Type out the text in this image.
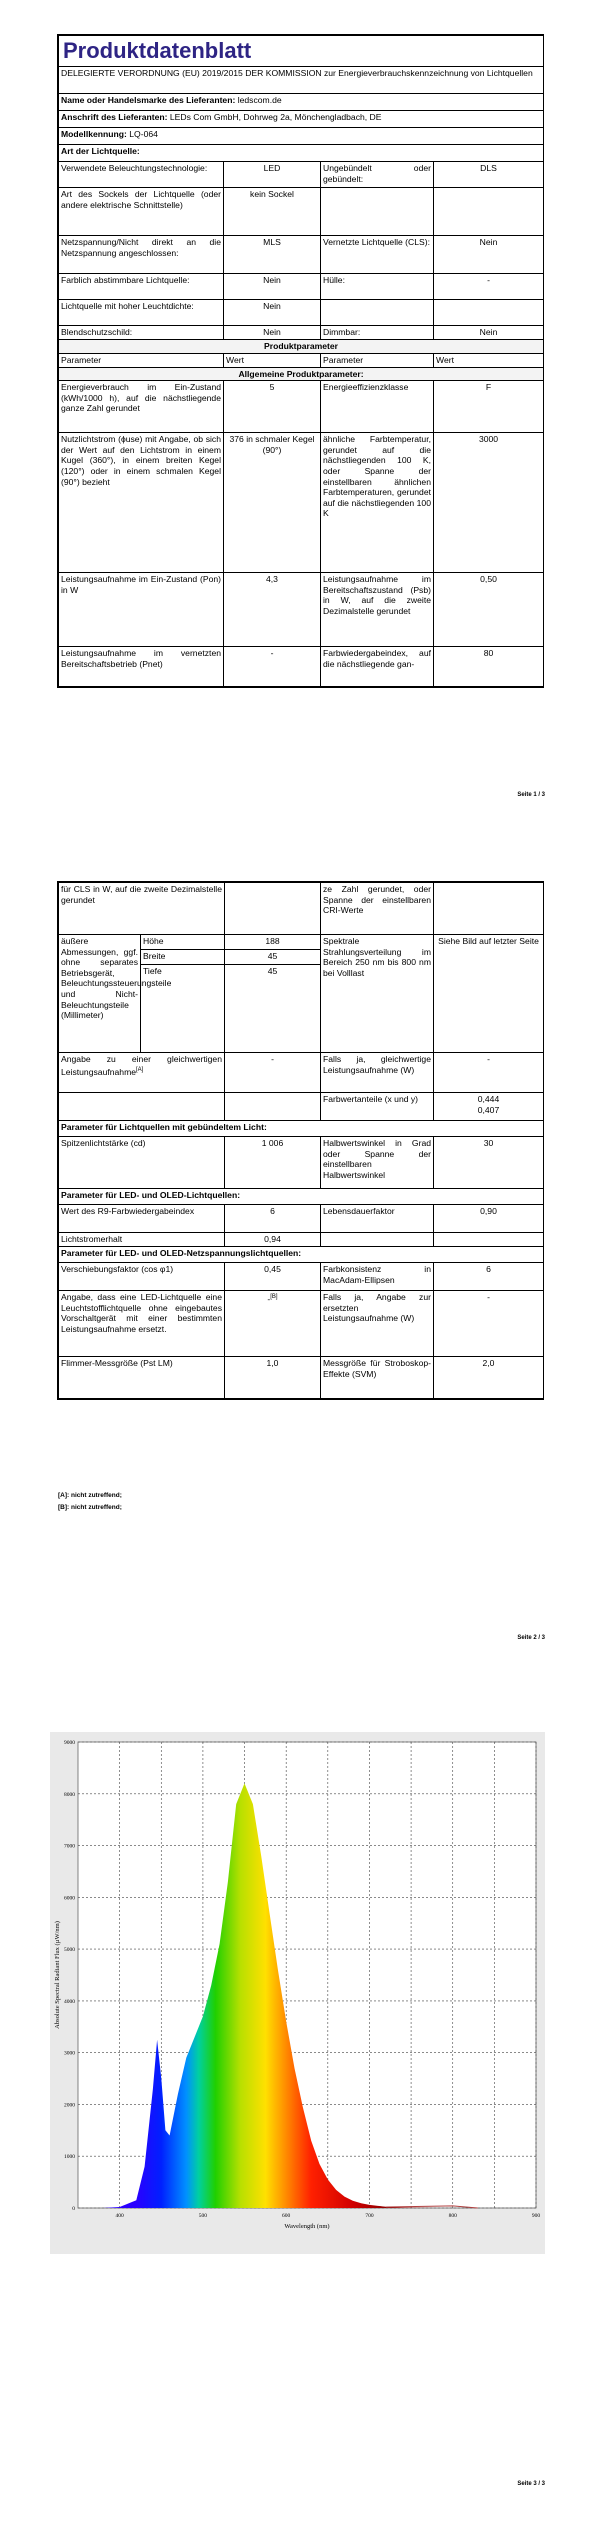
Produktdatenblatt			
DELEGIERTE VERORDNUNG (EU) 2019/2015 DER KOMMISSION zur Energieverbrauchskennzeichnung von Lichtquellen			
Name oder Handelsmarke des Lieferanten: ledscom.de			
Anschrift des Lieferanten: LEDs Com GmbH, Dohrweg 2a, Mönchengladbach, DE			
Modellkennung: LQ-064			
Art der Lichtquelle:			
Verwendete Beleuchtungstechnologie:	LED	Ungebündelt oder gebündelt:	DLS
Art des Sockels der Lichtquelle (oder andere elektrische Schnittstelle)	kein Sockel		
Netzspannung/Nicht direkt an die Netzspannung angeschlossen:	MLS	Vernetzte Lichtquelle (CLS):	Nein
Farblich abstimmbare Lichtquelle:	Nein	Hülle:	-
Lichtquelle mit hoher Leuchtdichte:	Nein		
Blendschutzschild:	Nein	Dimmbar:	Nein
Produktparameter			
Parameter	Wert	Parameter	Wert
Allgemeine Produktparameter:			
Energieverbrauch im Ein-Zustand (kWh/1000 h), auf die nächstliegende ganze Zahl gerundet	5	Energieeffizienzklasse	F
Nutzlichtstrom (ɸuse) mit Angabe, ob sich der Wert auf den Lichtstrom in einem Kugel (360°), in einem breiten Kegel (120°) oder in einem schmalen Kegel (90°) bezieht	376 in schmaler Kegel (90°)	ähnliche Farbtemperatur, gerundet auf die nächstliegenden 100 K, oder Spanne der einstellbaren ähnlichen Farbtemperaturen, gerundet auf die nächstliegenden 100 K	3000
Leistungsaufnahme im Ein-Zustand (Pon) in W	4,3	Leistungsaufnahme im Bereitschaftszustand (Psb) in W, auf die zweite Dezimalstelle gerundet	0,50
Leistungsaufnahme im vernetzten Bereitschaftsbetrieb (Pnet)	-	Farbwiedergabeindex, auf die nächstliegende gan-	80
Seite 1 / 3
für CLS in W, auf die zweite Dezimalstelle gerundet			ze Zahl gerundet, oder Spanne der einstellbaren CRI-Werte	
äußere Abmessungen, ggf. ohne separates Betriebsgerät, Beleuchtungssteuerungsteile und Nicht-Beleuchtungsteile (Millimeter)	Höhe	188	Spektrale Strahlungsverteilung im Bereich 250 nm bis 800 nm bei Volllast	Siehe Bild auf letzter Seite
	Breite	45		
	Tiefe	45		
Angabe zu einer gleichwertigen Leistungsaufnahme[A]		-	Falls ja, gleichwertige Leistungsaufnahme (W)	-
			Farbwertanteile (x und y)	0,444
0,407
Parameter für Lichtquellen mit gebündeltem Licht:				
Spitzenlichtstärke (cd)		1 006	Halbwertswinkel in Grad oder Spanne der einstellbaren Halbwertswinkel	30
Parameter für LED- und OLED-Lichtquellen:				
Wert des R9-Farbwiedergabeindex		6	Lebensdauerfaktor	0,90
Lichtstromerhalt		0,94		
Parameter für LED- und OLED-Netzspannungslichtquellen:				
Verschiebungsfaktor (cos φ1)		0,45	Farbkonsistenz in MacAdam-Ellipsen	6
Angabe, dass eine LED-Lichtquelle eine Leuchtstofflichtquelle ohne eingebautes Vorschaltgerät mit einer bestimmten Leistungsaufnahme ersetzt.		-[B]	Falls ja, Angabe zur ersetzten Leistungsaufnahme (W)	-
Flimmer-Messgröße (Pst LM)		1,0	Messgröße für Stroboskop-Effekte (SVM)	2,0
[A]: nicht zutreffend;
[B]: nicht zutreffend;
Seite 2 / 3
400	500	600	700	800	900
0
1000
2000
3000
4000
5000
6000
7000
8000
9000
Wavelength (nm)
Absolute Spectral Radiant Flux (µW/nm)
Seite 3 / 3
